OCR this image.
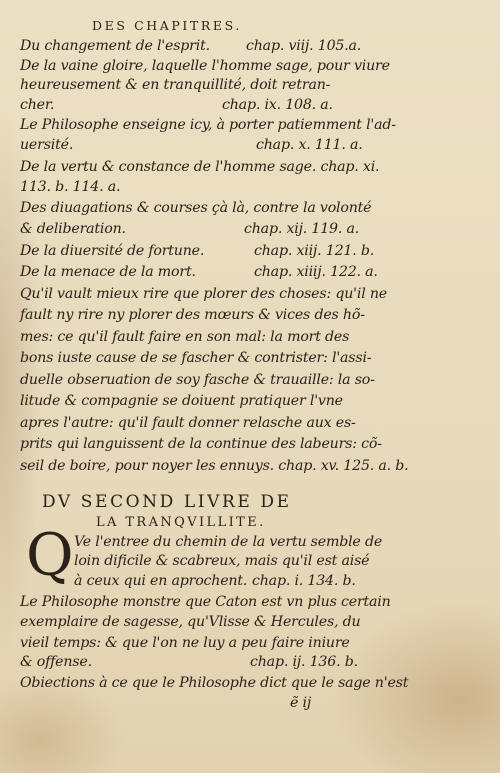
DES CHAPITRES.
Du changement de l'esprit.	chap. viij. 105.a.
De la vaine gloire, laquelle l'homme sage, pour viure
heureusement & en tranquillité, doit retran-
cher.	chap. ix. 108. a.
Le Philosophe enseigne icy, à porter patiemment l'ad-
uersité.	chap. x. 111. a.
De la vertu & constance de l'homme sage. chap. xi.
113. b. 114. a.
Des diuagations & courses çà là, contre la volonté
& deliberation.	chap. xij. 119. a.
De la diuersité de fortune.	chap. xiij. 121. b.
De la menace de la mort.	chap. xiiij. 122. a.
Qu'il vault mieux rire que plorer des choses: qu'il ne
fault ny rire ny plorer des mœurs & vices des hõ-
mes: ce qu'il fault faire en son mal: la mort des
bons iuste cause de se fascher & contrister: l'assi-
duelle obseruation de soy fasche & trauaille: la so-
litude & compagnie se doiuent pratiquer l'vne
apres l'autre: qu'il fault donner relasche aux es-
prits qui languissent de la continue des labeurs: cõ-
seil de boire, pour noyer les ennuys. chap. xv. 125. a. b.
DV SECOND LIVRE DE
LA TRANQVILLITE.
Q Ve l'entree du chemin de la vertu semble de
loin dificile & scabreux, mais qu'il est aisé
à ceux qui en aprochent. chap. i. 134. b.
Le Philosophe monstre que Caton est vn plus certain
exemplaire de sagesse, qu'Vlisse & Hercules, du
vieil temps: & que l'on ne luy a peu faire iniure
& offense.	chap. ij. 136. b.
Obiections à ce que le Philosophe dict que le sage n'est
ẽ ij
